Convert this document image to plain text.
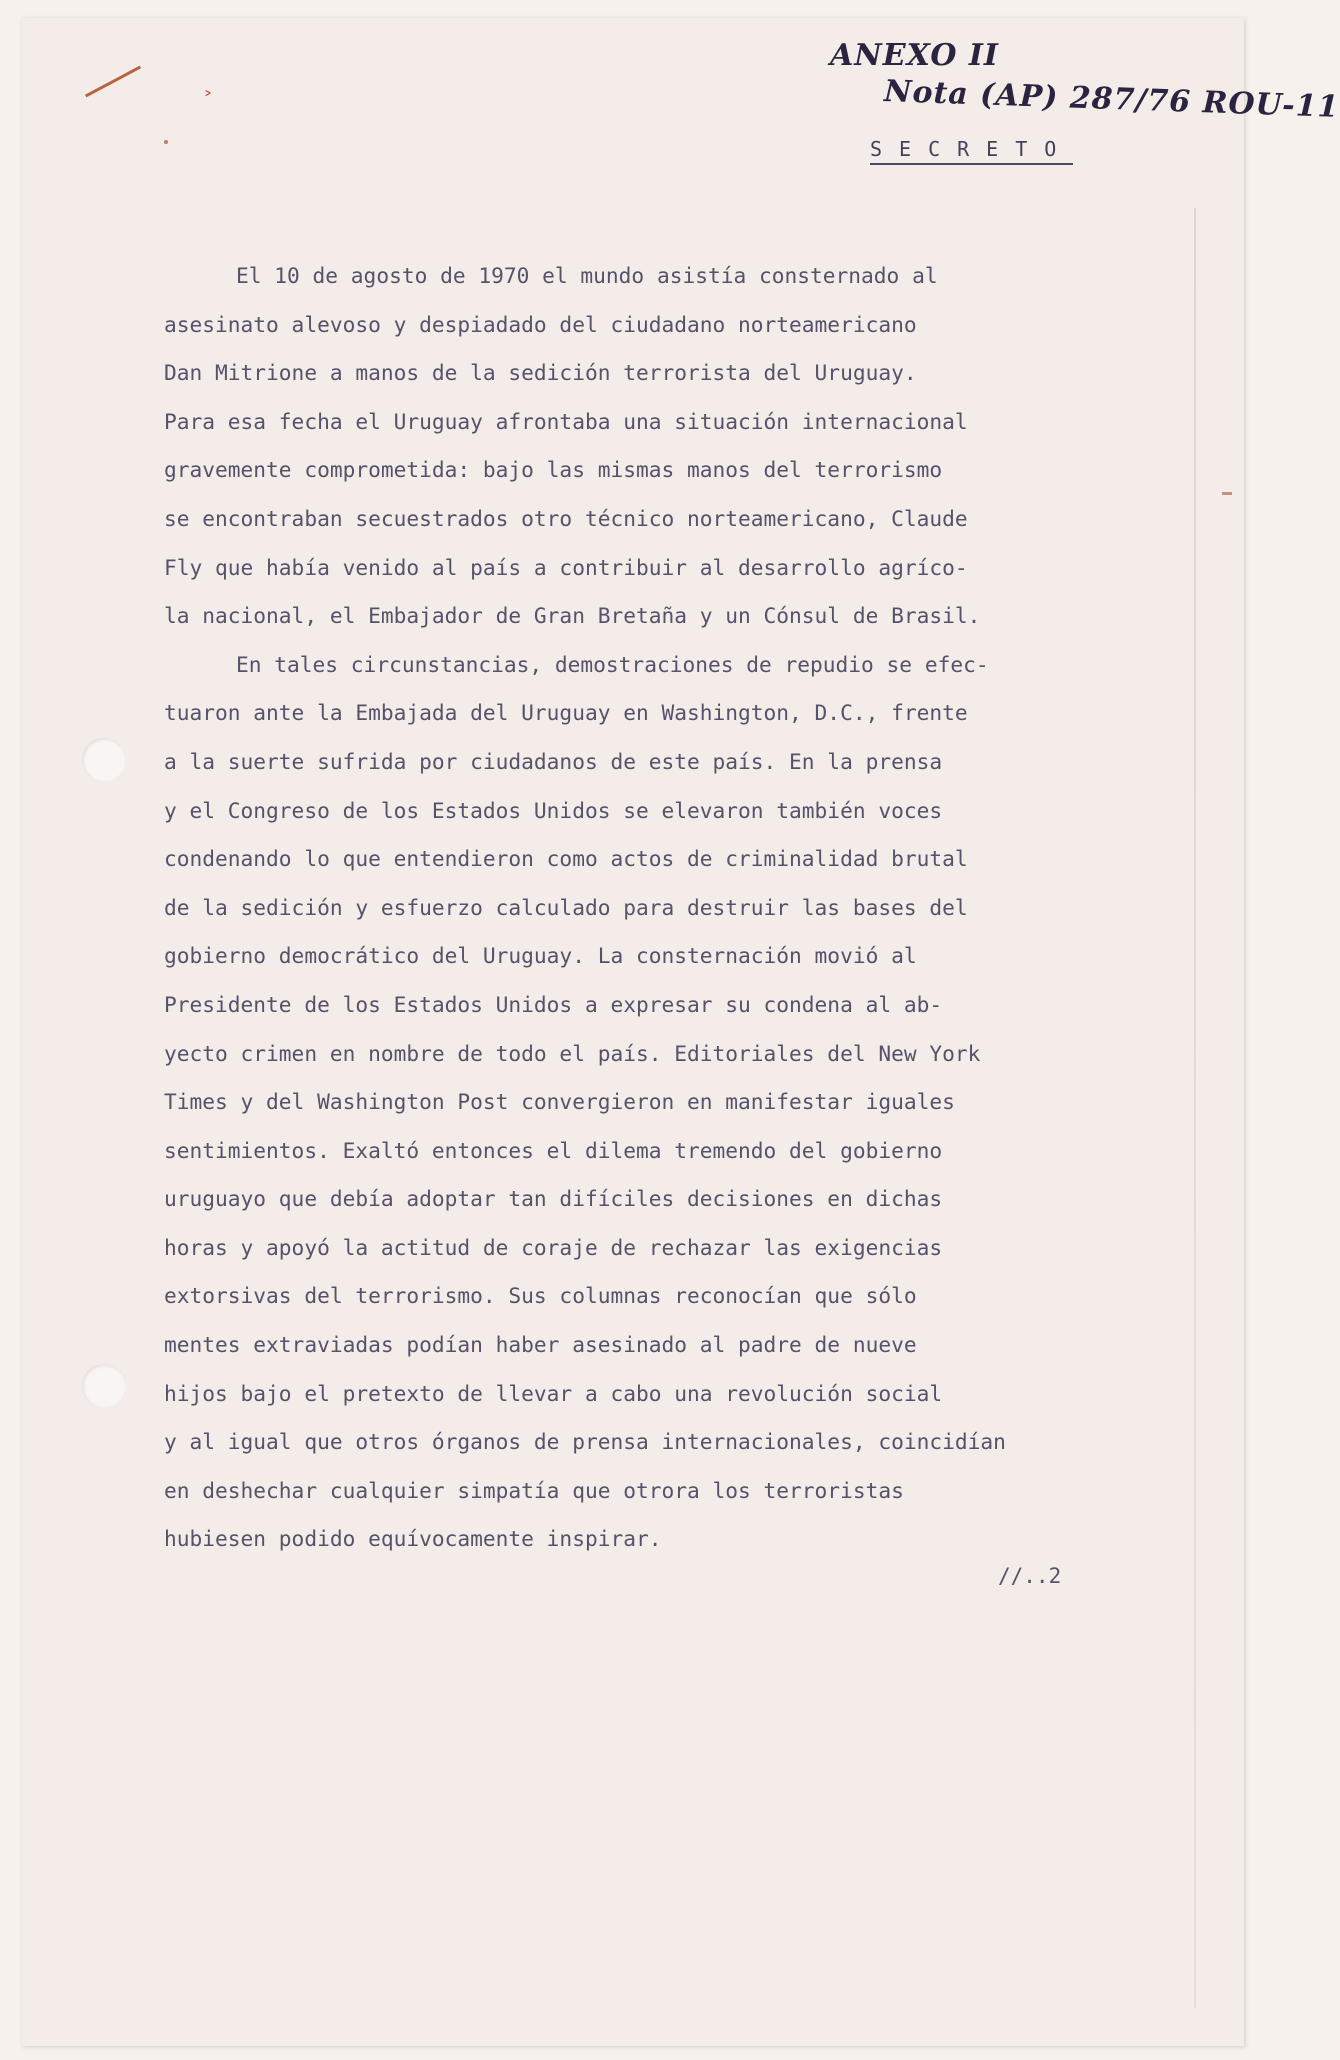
˃
ANEXO II
Nota (AP) 287/76 ROU-11
SECRETO
El 10 de agosto de 1970 el mundo asistía consternado al
asesinato alevoso y despiadado del ciudadano norteamericano
Dan Mitrione a manos de la sedición terrorista del Uruguay.
Para esa fecha el Uruguay afrontaba una situación internacional
gravemente comprometida: bajo las mismas manos del terrorismo
se encontraban secuestrados otro técnico norteamericano, Claude
Fly que había venido al país a contribuir al desarrollo agríco-
la nacional, el Embajador de Gran Bretaña y un Cónsul de Brasil.
En tales circunstancias, demostraciones de repudio se efec-
tuaron ante la Embajada del Uruguay en Washington, D.C., frente
a la suerte sufrida por ciudadanos de este país. En la prensa
y el Congreso de los Estados Unidos se elevaron también voces
condenando lo que entendieron como actos de criminalidad brutal
de la sedición y esfuerzo calculado para destruir las bases del
gobierno democrático del Uruguay. La consternación movió al
Presidente de los Estados Unidos a expresar su condena al ab-
yecto crimen en nombre de todo el país. Editoriales del New York
Times y del Washington Post convergieron en manifestar iguales
sentimientos. Exaltó entonces el dilema tremendo del gobierno
uruguayo que debía adoptar tan difíciles decisiones en dichas
horas y apoyó la actitud de coraje de rechazar las exigencias
extorsivas del terrorismo. Sus columnas reconocían que sólo
mentes extraviadas podían haber asesinado al padre de nueve
hijos bajo el pretexto de llevar a cabo una revolución social
y al igual que otros órganos de prensa internacionales, coincidían
en deshechar cualquier simpatía que otrora los terroristas
hubiesen podido equívocamente inspirar.
//..2
